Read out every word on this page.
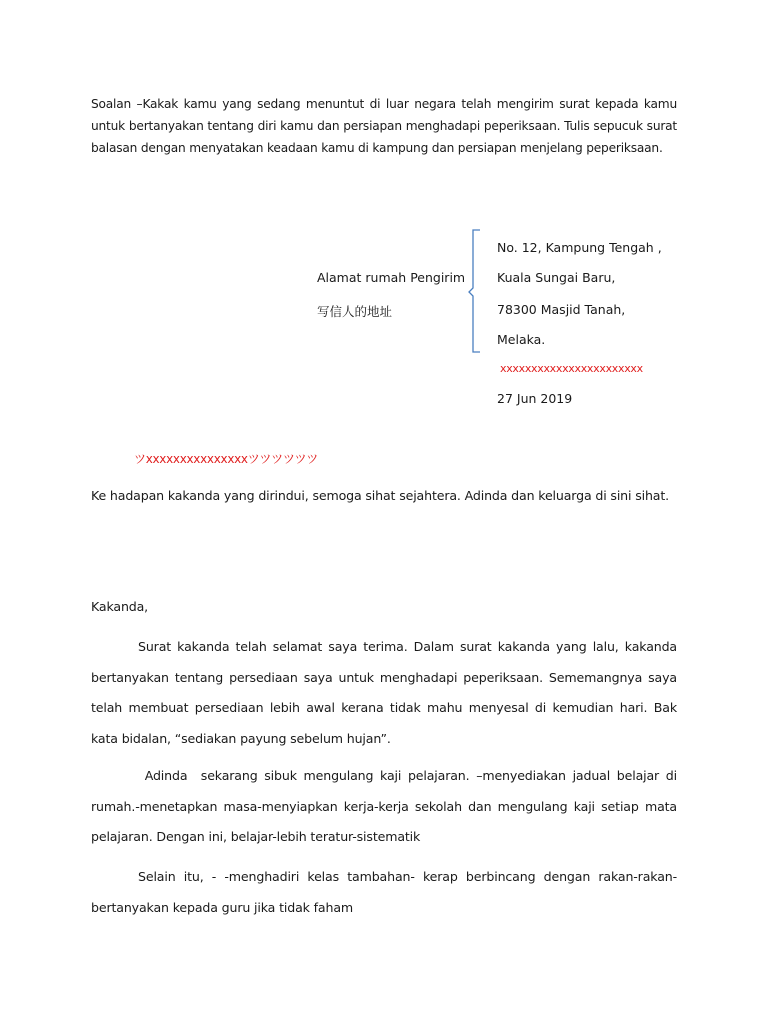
Soalan –Kakak kamu yang sedang menuntut di luar negara telah mengirim surat kepada kamu untuk bertanyakan tentang diri kamu dan persiapan menghadapi peperiksaan. Tulis sepucuk surat balasan dengan menyatakan keadaan kamu di kampung dan persiapan menjelang peperiksaan.
Alamat rumah Pengirim
写信人的地址
No. 12, Kampung Tengah ,
Kuala Sungai Baru,
78300 Masjid Tanah,
Melaka.
xxxxxxxxxxxxxxxxxxxxxxx
27 Jun 2019
ツxxxxxxxxxxxxxxxツツツツツツ
Ke hadapan kakanda yang dirindui, semoga sihat sejahtera. Adinda dan keluarga di sini sihat.
Kakanda,
Surat kakanda telah selamat saya terima. Dalam surat kakanda yang lalu, kakanda bertanyakan tentang persediaan saya untuk menghadapi peperiksaan. Sememangnya saya telah membuat persediaan lebih awal kerana tidak mahu menyesal di kemudian hari. Bak kata bidalan, “sediakan payung sebelum hujan”.
Adinda  sekarang sibuk mengulang kaji pelajaran. –menyediakan jadual belajar di rumah.-menetapkan masa-menyiapkan kerja-kerja sekolah dan mengulang kaji setiap mata pelajaran. Dengan ini, belajar-lebih teratur-sistematik
Selain itu, - -menghadiri kelas tambahan- kerap berbincang dengan rakan-rakan-bertanyakan kepada guru jika tidak faham
